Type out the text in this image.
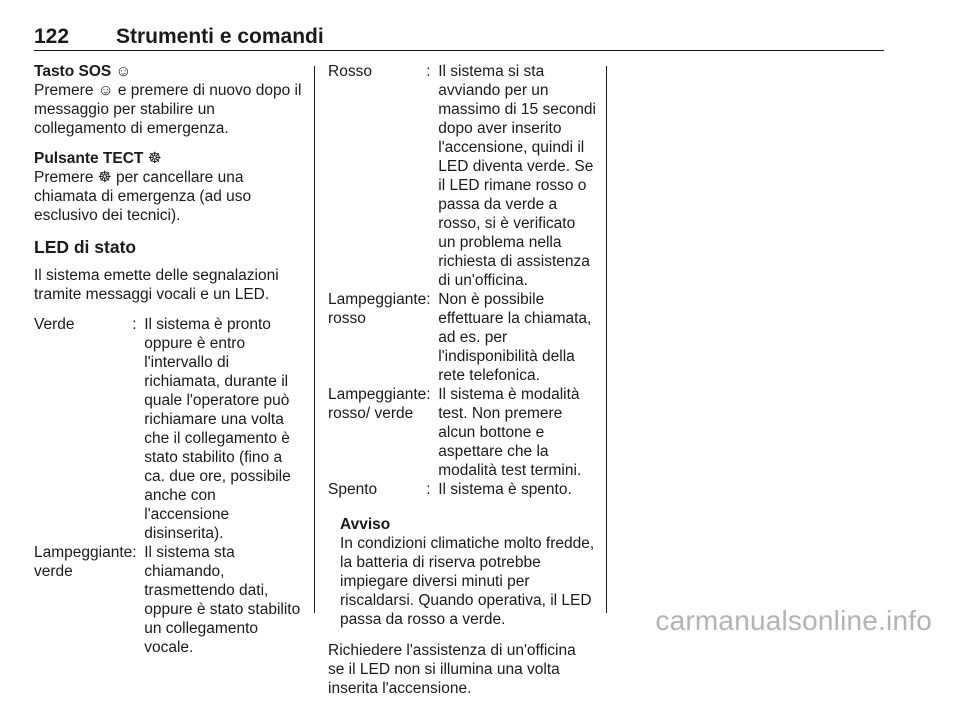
122 Strumenti e comandi
Tasto SOS ☺

Premere ☺ e premere di nuovo dopo il messaggio per stabilire un collegamento di emergenza.

Pulsante TECT ☸

Premere ☸ per cancellare una chiamata di emergenza (ad uso esclusivo dei tecnici).

LED di stato

Il sistema emette delle segnalazioni tramite messaggi vocali e un LED.

Verde	:	Il sistema è pronto oppure è entro l'intervallo di richiamata, durante il quale l'operatore può richiamare una volta che il collegamento è stato stabilito (fino a ca. due ore, possibile anche con l'accensione disinserita).
Lampeggiante verde	:	Il sistema sta chiamando, trasmettendo dati, oppure è stato stabilito un collegamento vocale.
Rosso	:	Il sistema si sta avviando per un massimo di 15 secondi dopo aver inserito l'accensione, quindi il LED diventa verde. Se il LED rimane rosso o passa da verde a rosso, si è verificato un problema nella richiesta di assistenza di un'officina.
Lampeggiante rosso	:	Non è possibile effettuare la chiamata, ad es. per l'indisponibilità della rete telefonica.
Lampeggiante rosso/ verde	:	Il sistema è modalità test. Non premere alcun bottone e aspettare che la modalità test termini.
Spento	:	Il sistema è spento.
Avviso
In condizioni climatiche molto fredde, la batteria di riserva potrebbe impiegare diversi minuti per riscaldarsi. Quando operativa, il LED passa da rosso a verde.

Richiedere l'assistenza di un'officina se il LED non si illumina una volta inserita l'accensione.

carmanualsonline.info
